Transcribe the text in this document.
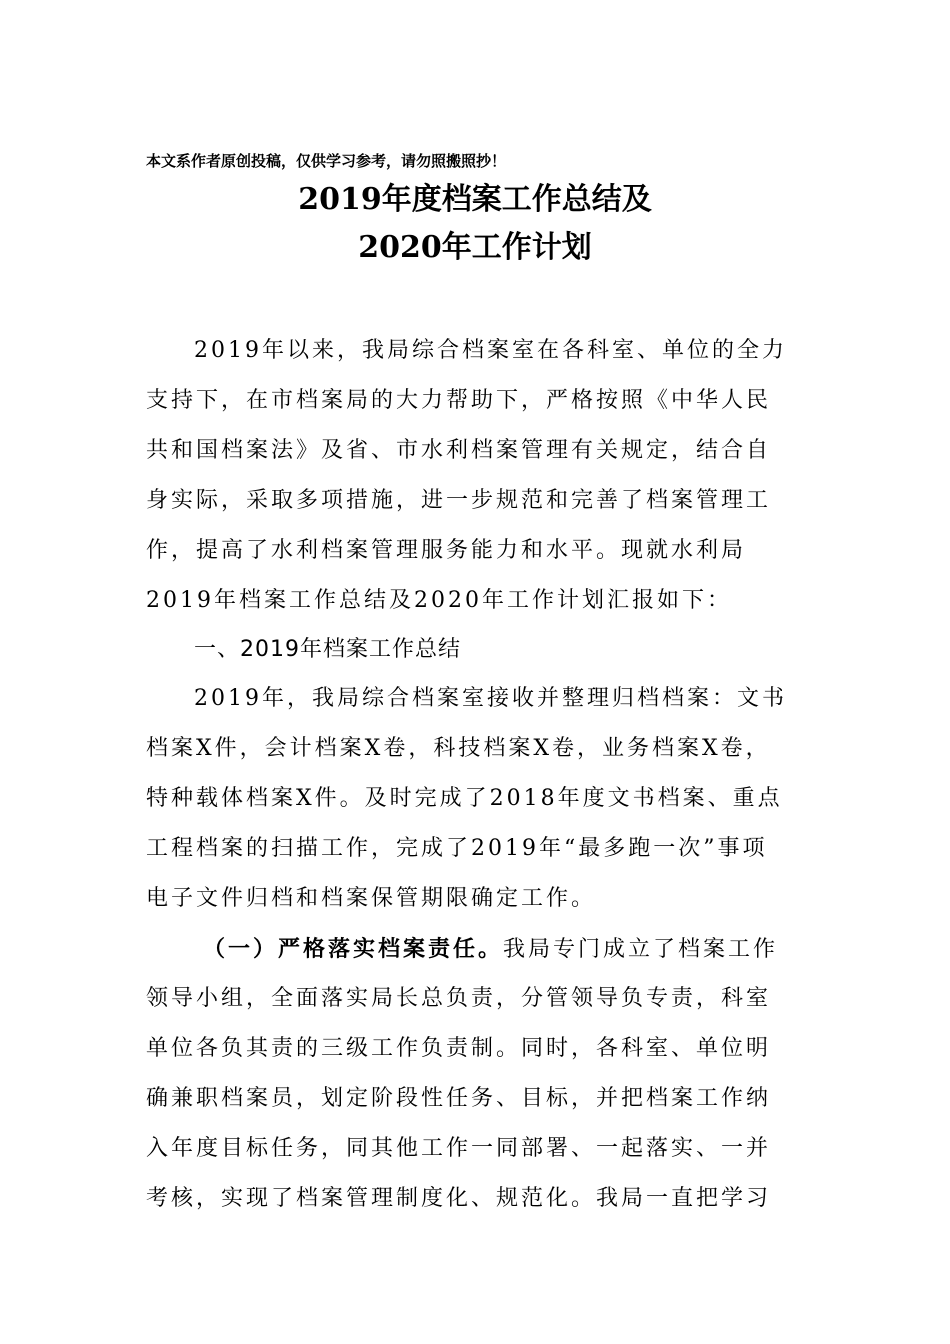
本文系作者原创投稿，仅供学习参考，请勿照搬照抄！
2019年度档案工作总结及
2020年工作计划
2019年以来，我局综合档案室在各科室、单位的全力
支持下，在市档案局的大力帮助下，严格按照《中华人民
共和国档案法》及省、市水利档案管理有关规定，结合自
身实际，采取多项措施，进一步规范和完善了档案管理工
作，提高了水利档案管理服务能力和水平。现就水利局
2019年档案工作总结及2020年工作计划汇报如下：
一、2019年档案工作总结
2019年，我局综合档案室接收并整理归档档案：文书
档案X件，会计档案X卷，科技档案X卷，业务档案X卷，
特种载体档案X件。及时完成了2018年度文书档案、重点
工程档案的扫描工作，完成了2019年“最多跑一次”事项
电子文件归档和档案保管期限确定工作。
（一）严格落实档案责任。我局专门成立了档案工作
领导小组，全面落实局长总负责，分管领导负专责，科室
单位各负其责的三级工作负责制。同时，各科室、单位明
确兼职档案员，划定阶段性任务、目标，并把档案工作纳
入年度目标任务，同其他工作一同部署、一起落实、一并
考核，实现了档案管理制度化、规范化。我局一直把学习
